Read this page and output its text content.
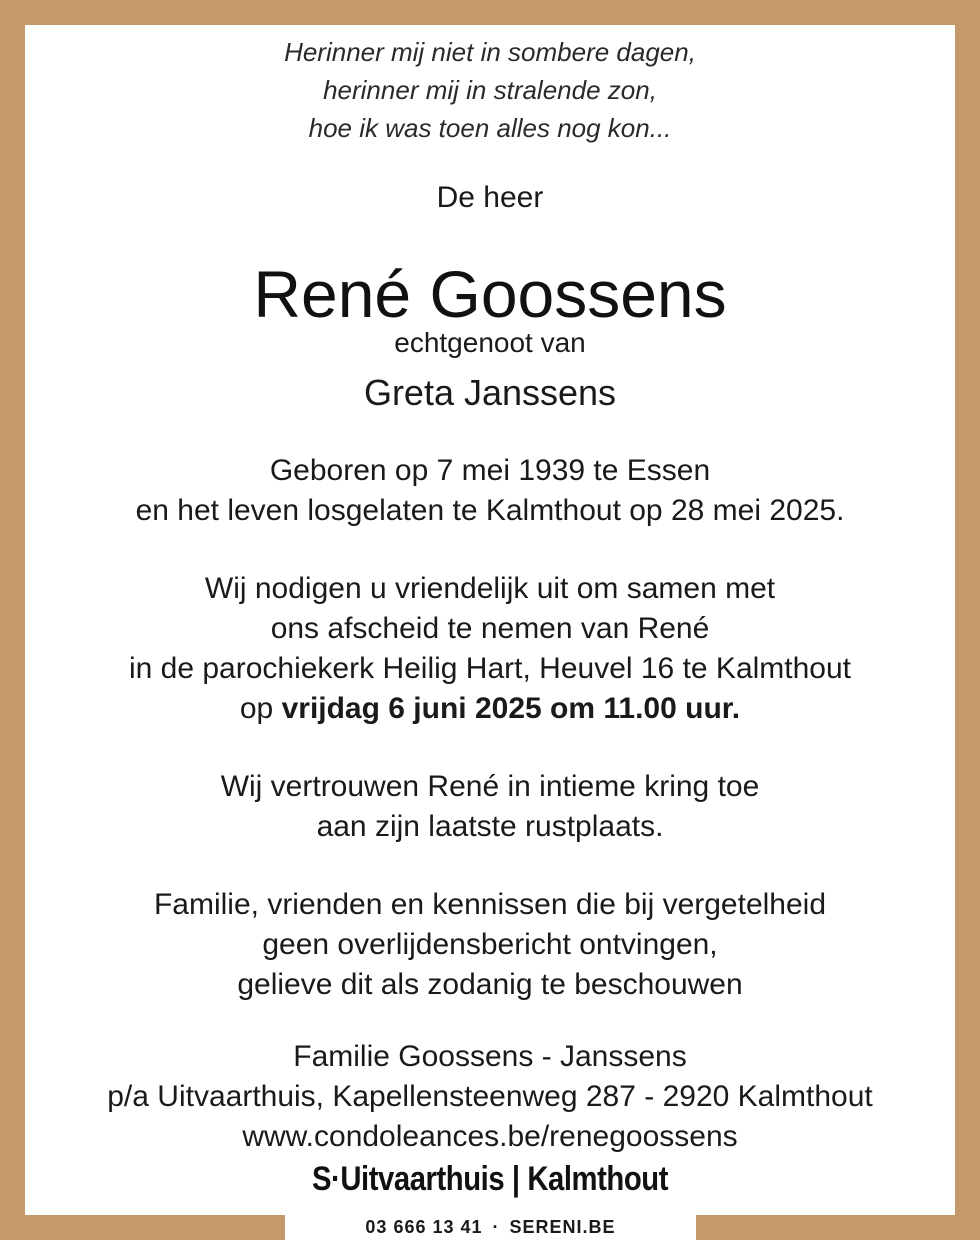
Herinner mij niet in sombere dagen,
herinner mij in stralende zon,
hoe ik was toen alles nog kon...
De heer
René Goossens
echtgenoot van
Greta Janssens
Geboren op 7 mei 1939 te Essen
en het leven losgelaten te Kalmthout op 28 mei 2025.
Wij nodigen u vriendelijk uit om samen met
ons afscheid te nemen van René
in de parochiekerk Heilig Hart, Heuvel 16 te Kalmthout
op vrijdag 6 juni 2025 om 11.00 uur.
Wij vertrouwen René in intieme kring toe
aan zijn laatste rustplaats.
Familie, vrienden en kennissen die bij vergetelheid
geen overlijdensbericht ontvingen,
gelieve dit als zodanig te beschouwen
Familie Goossens - Janssens
p/a Uitvaarthuis, Kapellensteenweg 287 - 2920 Kalmthout
www.condoleances.be/renegoossens
S·Uitvaarthuis | Kalmthout
03 666 13 41 · SERENI.BE
